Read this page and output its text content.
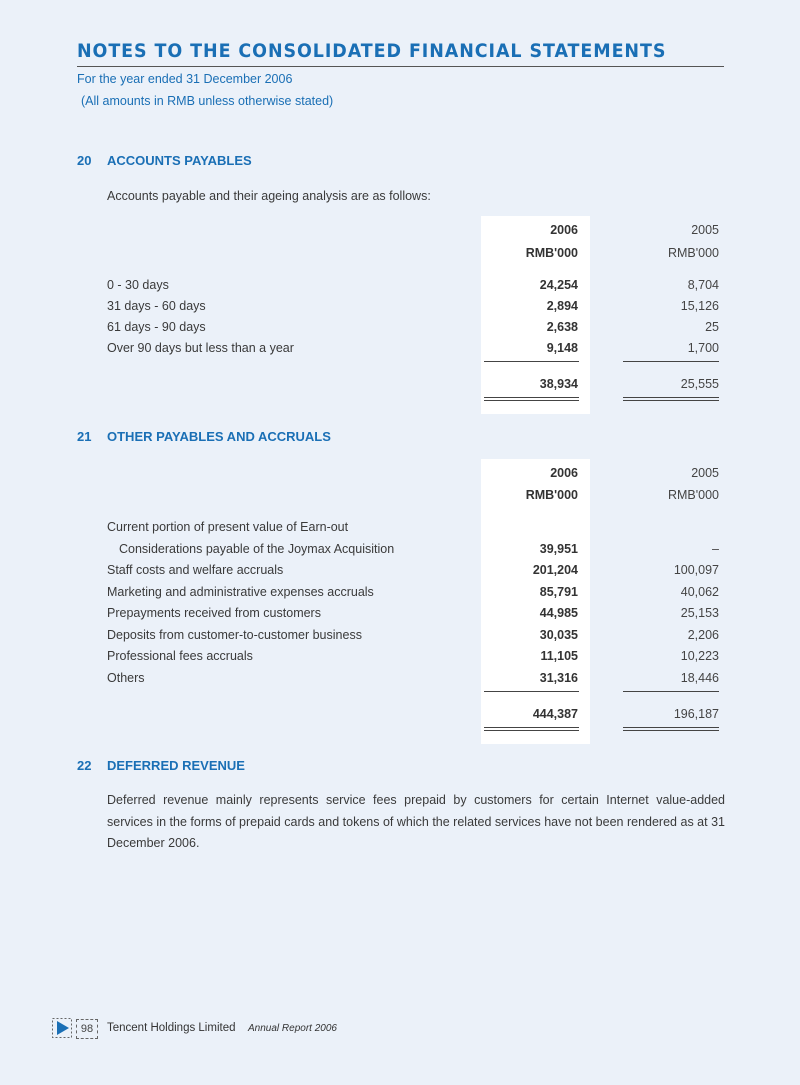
NOTES TO THE CONSOLIDATED FINANCIAL STATEMENTS
For the year ended 31 December 2006
(All amounts in RMB unless otherwise stated)
20 ACCOUNTS PAYABLES
Accounts payable and their ageing analysis are as follows:
2006	2005
RMB'000	RMB'000
0 - 30 days	24,254	8,704
31 days - 60 days	2,894	15,126
61 days - 90 days	2,638	25
Over 90 days but less than a year	9,148	1,700
38,934	25,555
21 OTHER PAYABLES AND ACCRUALS
2006	2005
RMB'000	RMB'000
Current portion of present value of Earn-out
Considerations payable of the Joymax Acquisition	39,951	–
Staff costs and welfare accruals	201,204	100,097
Marketing and administrative expenses accruals	85,791	40,062
Prepayments received from customers	44,985	25,153
Deposits from customer-to-customer business	30,035	2,206
Professional fees accruals	11,105	10,223
Others	31,316	18,446
444,387	196,187
22 DEFERRED REVENUE
Deferred revenue mainly represents service fees prepaid by customers for certain Internet value-added services in the forms of prepaid cards and tokens of which the related services have not been rendered as at 31 December 2006.
98	Tencent Holdings Limited Annual Report 2006
